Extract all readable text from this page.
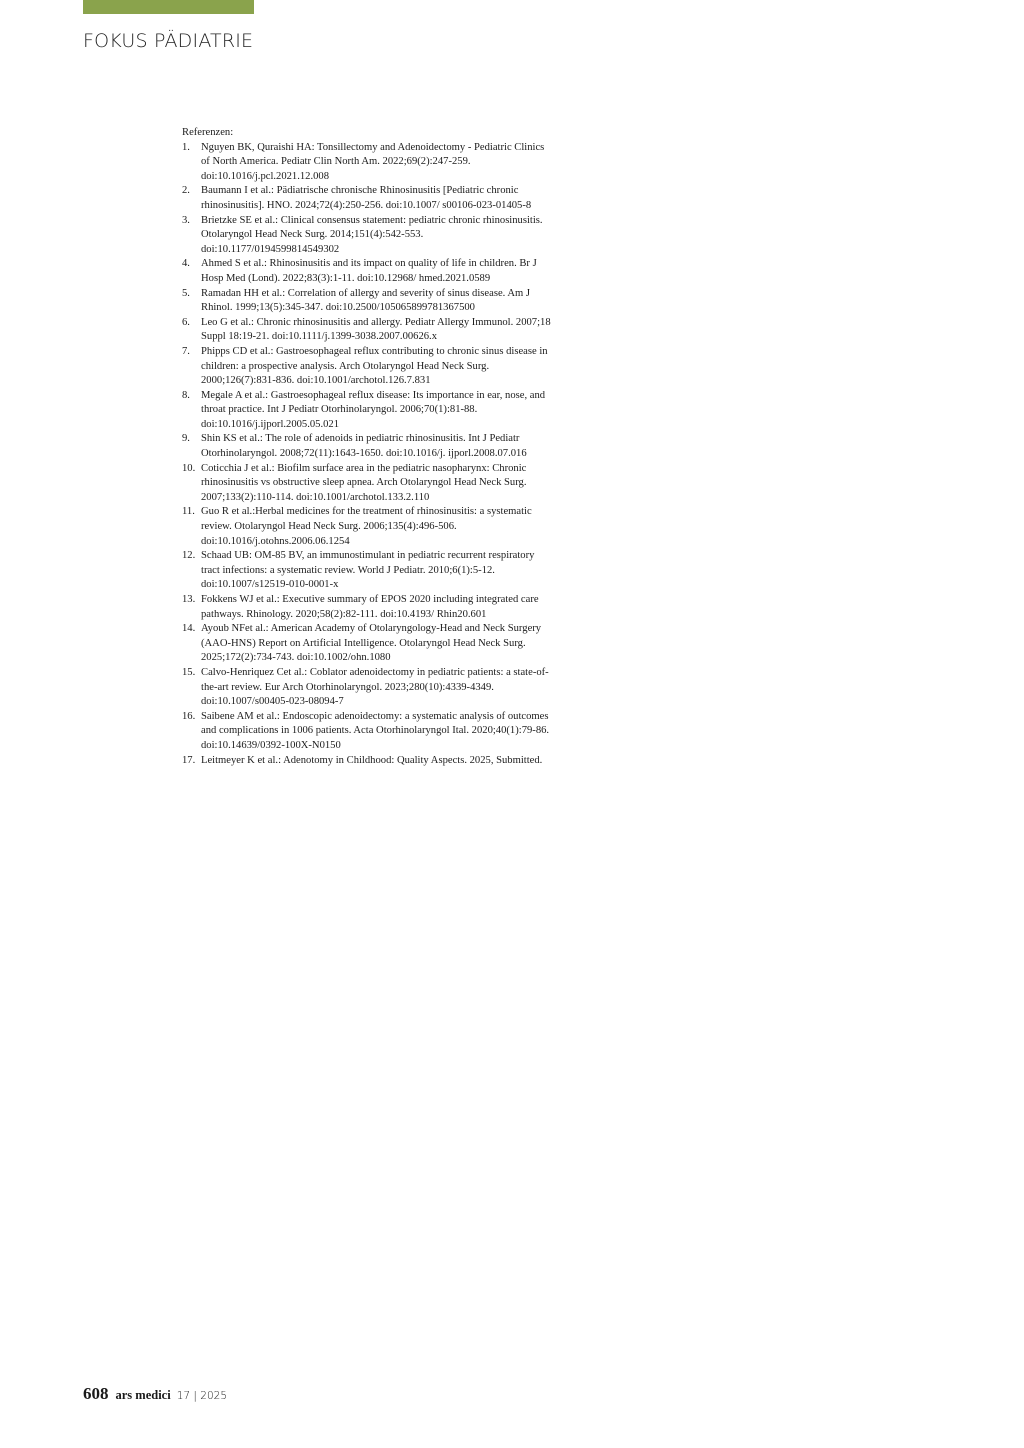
FOKUS PÄDIATRIE

Referenzen:

1.	Nguyen BK, Quraishi HA: Tonsillectomy and Adenoidectomy - Pediatric Clinics of North America. Pediatr Clin North Am. 2022;69(2):247-259. doi:10.1016/j.pcl.2021.12.008
2.	Baumann I et al.: Pädiatrische chronische Rhinosinusitis [Pediatric chronic rhinosinusitis]. HNO. 2024;72(4):250-256. doi:10.1007/ s00106-023-01405-8
3.	Brietzke SE et al.: Clinical consensus statement: pediatric chronic rhinosinusitis. Otolaryngol Head Neck Surg. 2014;151(4):542-553. doi:10.1177/0194599814549302
4.	Ahmed S et al.: Rhinosinusitis and its impact on quality of life in children. Br J Hosp Med (Lond). 2022;83(3):1-11. doi:10.12968/ hmed.2021.0589
5.	Ramadan HH et al.: Correlation of allergy and severity of sinus disease. Am J Rhinol. 1999;13(5):345-347. doi:10.2500/105065899781367500
6.	Leo G et al.: Chronic rhinosinusitis and allergy. Pediatr Allergy Immunol. 2007;18 Suppl 18:19-21. doi:10.1111/j.1399-3038.2007.00626.x
7.	Phipps CD et al.: Gastroesophageal reflux contributing to chronic sinus disease in children: a prospective analysis. Arch Otolaryngol Head Neck Surg. 2000;126(7):831-836. doi:10.1001/archotol.126.7.831
8.	Megale A et al.: Gastroesophageal reflux disease: Its importance in ear, nose, and throat practice. Int J Pediatr Otorhinolaryngol. 2006;70(1):81-88. doi:10.1016/j.ijporl.2005.05.021
9.	Shin KS et al.: The role of adenoids in pediatric rhinosinusitis. Int J Pediatr Otorhinolaryngol. 2008;72(11):1643-1650. doi:10.1016/j. ijporl.2008.07.016
10. Coticchia J et al.: Biofilm surface area in the pediatric nasopharynx: Chronic rhinosinusitis vs obstructive sleep apnea. Arch Otolaryngol Head Neck Surg. 2007;133(2):110-114. doi:10.1001/archotol.133.2.110
11. Guo R et al.:Herbal medicines for the treatment of rhinosinusitis: a systematic review. Otolaryngol Head Neck Surg. 2006;135(4):496-506. doi:10.1016/j.otohns.2006.06.1254
12. Schaad UB: OM-85 BV, an immunostimulant in pediatric recurrent respiratory tract infections: a systematic review. World J Pediatr. 2010;6(1):5-12. doi:10.1007/s12519-010-0001-x
13. Fokkens WJ et al.: Executive summary of EPOS 2020 including integrated care pathways. Rhinology. 2020;58(2):82-111. doi:10.4193/ Rhin20.601
14. Ayoub NFet al.: American Academy of Otolaryngology-Head and Neck Surgery (AAO-HNS) Report on Artificial Intelligence. Otolaryngol Head Neck Surg. 2025;172(2):734-743. doi:10.1002/ohn.1080
15. Calvo-Henriquez Cet al.: Coblator adenoidectomy in pediatric patients: a state-of-the-art review. Eur Arch Otorhinolaryngol. 2023;280(10):4339-4349. doi:10.1007/s00405-023-08094-7
16. Saibene AM et al.: Endoscopic adenoidectomy: a systematic analysis of outcomes and complications in 1006 patients. Acta Otorhinolaryngol Ital. 2020;40(1):79-86. doi:10.14639/0392-100X-N0150
17. Leitmeyer K et al.: Adenotomy in Childhood: Quality Aspects. 2025, Submitted.
608 ars medici 17 | 2025
